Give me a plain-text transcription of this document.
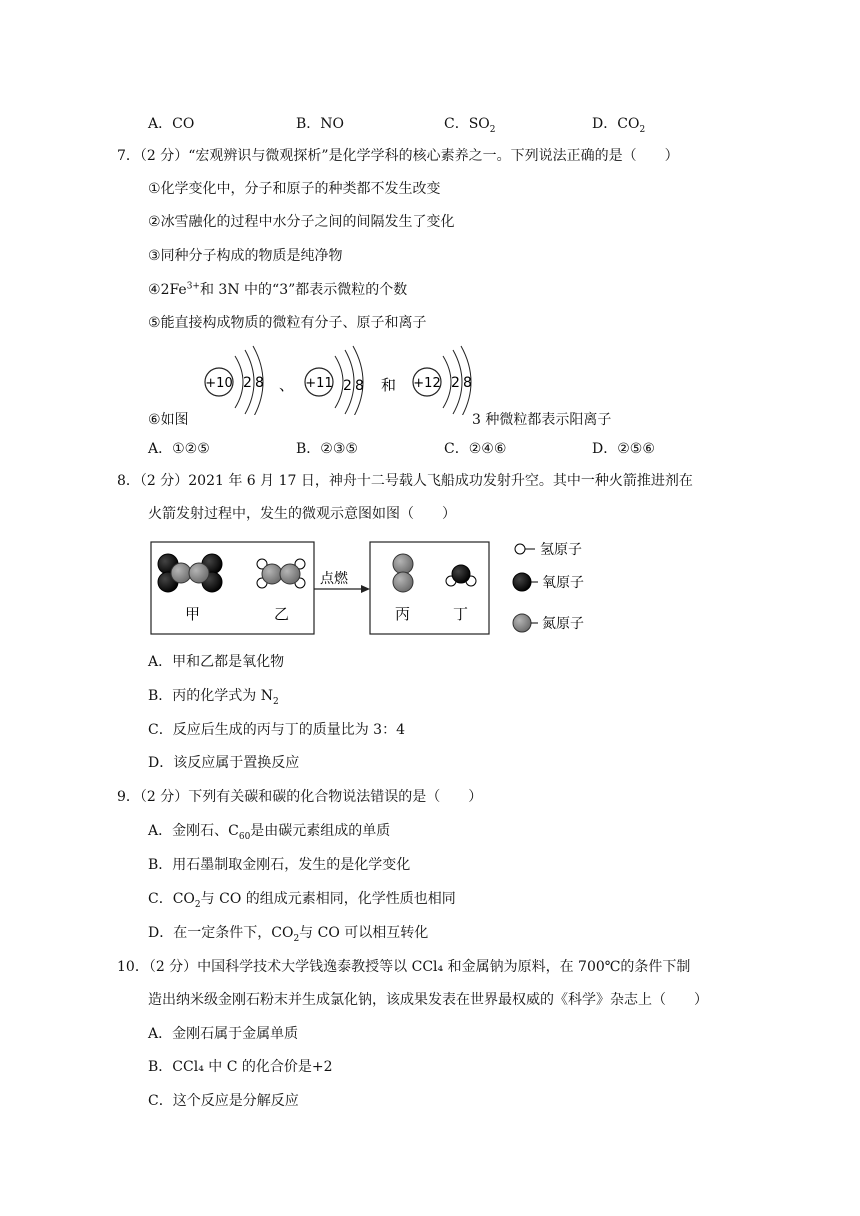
A．CO	B．NO	C．$SO_2$	D．$CO_2$
7．（2 分）“宏观辨识与微观探析”是化学学科的核心素养之一。下列说法正确的是（　　）
①化学变化中，分子和原子的种类都不发生改变
②冰雪融化的过程中水分子之间的间隔发生了变化
③同种分子构成的物质是纯净物
$④2Fe^{3+}$和 3N 中的“3”都表示微粒的个数
⑤能直接构成物质的微粒有分子、原子和离子
+10 2 8 、 +11 2 8 和 +12 2 8
⑥如图	3 种微粒都表示阳离子
A．①②⑤	B．②③⑤	C．②④⑥	D．②⑤⑥
8．（2 分）2021 年 6 月 17 日，神舟十二号载人飞船成功发射升空。其中一种火箭推进剂在
火箭发射过程中，发生的微观示意图如图（　　）
甲	乙
点燃
丙	丁
氢原子
氧原子
氮原子
A．甲和乙都是氧化物
B．丙的化学式为 $N_2$
C．反应后生成的丙与丁的质量比为 3：4
D．该反应属于置换反应
9．（2 分）下列有关碳和碳的化合物说法错误的是（　　）
A．金刚石、$C_{60}$是由碳元素组成的单质
B．用石墨制取金刚石，发生的是化学变化
C．$CO_2$与 CO 的组成元素相同，化学性质也相同
D．在一定条件下，$CO_2$与 CO 可以相互转化
10．（2 分）中国科学技术大学钱逸泰教授等以 CCl₄ 和金属钠为原料，在 700℃的条件下制
造出纳米级金刚石粉末并生成氯化钠，该成果发表在世界最权威的《科学》杂志上（　　）
A．金刚石属于金属单质
B．CCl₄ 中 C 的化合价是+2
C．这个反应是分解反应
